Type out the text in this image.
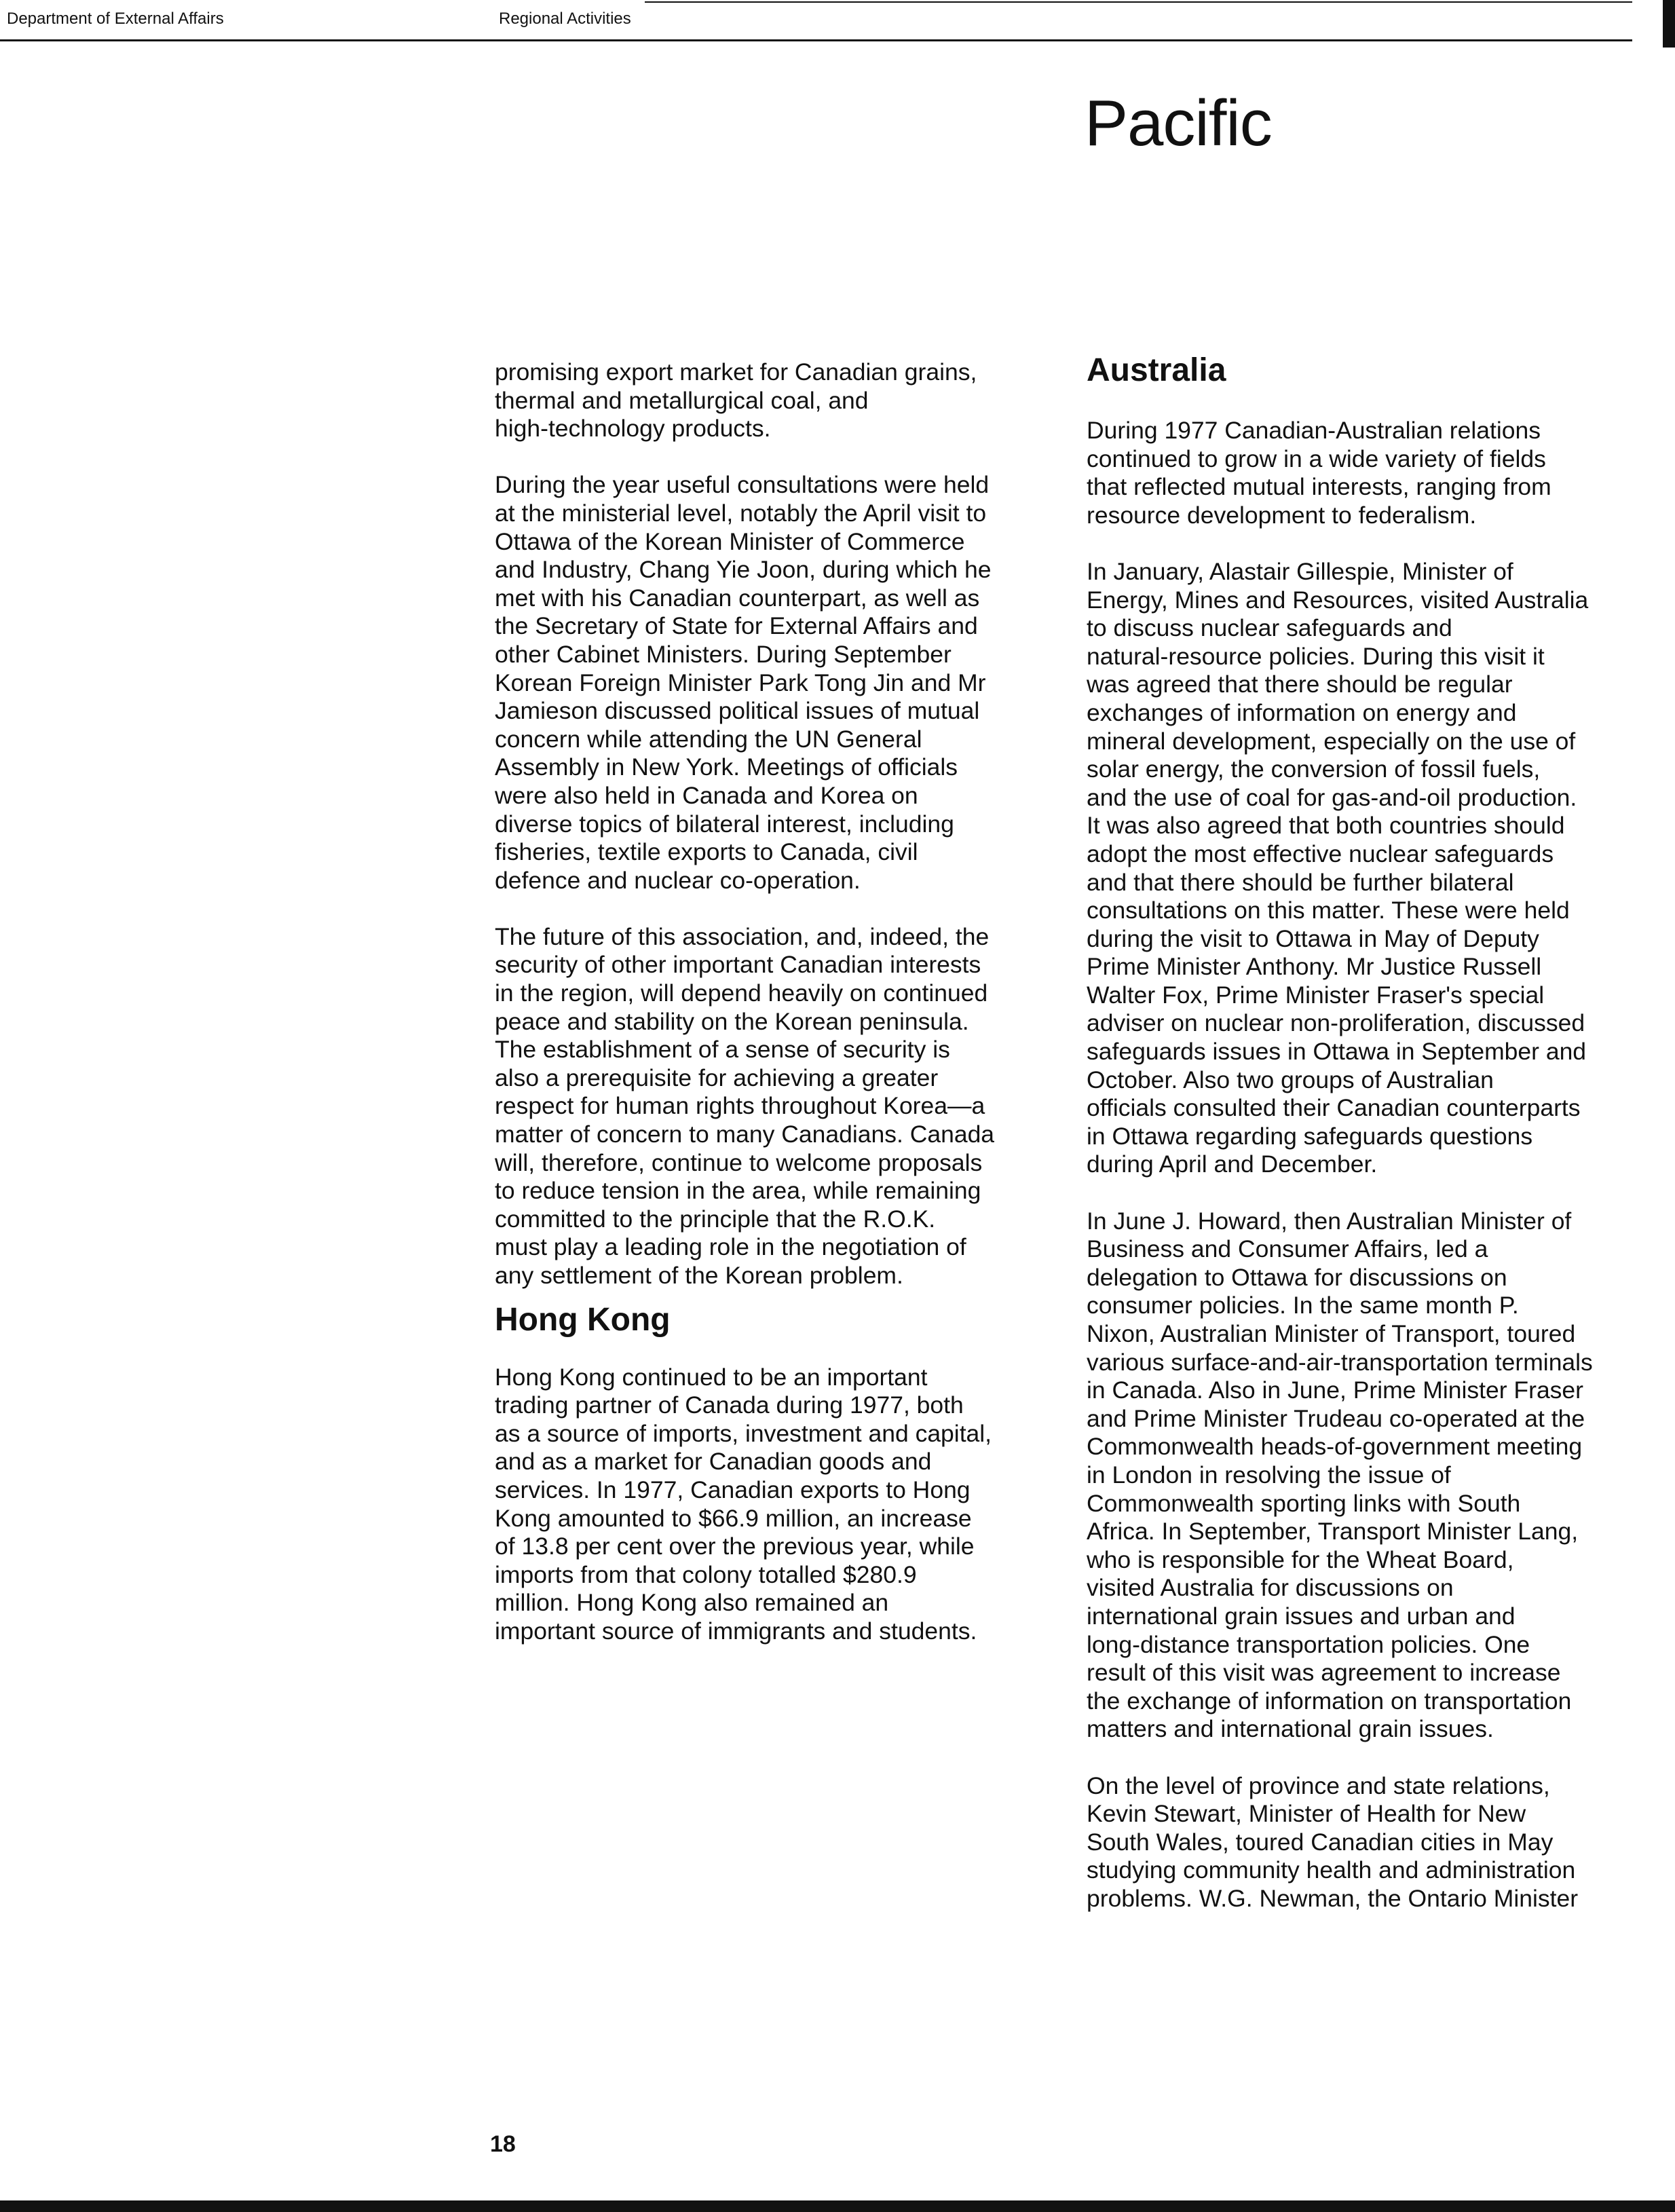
Department of External Affairs	Regional Activities
Pacific

promising export market for Canadian grains,
thermal and metallurgical coal, and
high-technology products.

During the year useful consultations were held
at the ministerial level, notably the April visit to
Ottawa of the Korean Minister of Commerce
and Industry, Chang Yie Joon, during which he
met with his Canadian counterpart, as well as
the Secretary of State for External Affairs and
other Cabinet Ministers. During September
Korean Foreign Minister Park Tong Jin and Mr
Jamieson discussed political issues of mutual
concern while attending the UN General
Assembly in New York. Meetings of officials
were also held in Canada and Korea on
diverse topics of bilateral interest, including
fisheries, textile exports to Canada, civil
defence and nuclear co-operation.

The future of this association, and, indeed, the
security of other important Canadian interests
in the region, will depend heavily on continued
peace and stability on the Korean peninsula.
The establishment of a sense of security is
also a prerequisite for achieving a greater
respect for human rights throughout Korea—a
matter of concern to many Canadians. Canada
will, therefore, continue to welcome proposals
to reduce tension in the area, while remaining
committed to the principle that the R.O.K.
must play a leading role in the negotiation of
any settlement of the Korean problem.

Hong Kong

Hong Kong continued to be an important
trading partner of Canada during 1977, both
as a source of imports, investment and capital,
and as a market for Canadian goods and
services. In 1977, Canadian exports to Hong
Kong amounted to $66.9 million, an increase
of 13.8 per cent over the previous year, while
imports from that colony totalled $280.9
million. Hong Kong also remained an
important source of immigrants and students.

Australia

During 1977 Canadian-Australian relations
continued to grow in a wide variety of fields
that reflected mutual interests, ranging from
resource development to federalism.

In January, Alastair Gillespie, Minister of
Energy, Mines and Resources, visited Australia
to discuss nuclear safeguards and
natural-resource policies. During this visit it
was agreed that there should be regular
exchanges of information on energy and
mineral development, especially on the use of
solar energy, the conversion of fossil fuels,
and the use of coal for gas-and-oil production.
It was also agreed that both countries should
adopt the most effective nuclear safeguards
and that there should be further bilateral
consultations on this matter. These were held
during the visit to Ottawa in May of Deputy
Prime Minister Anthony. Mr Justice Russell
Walter Fox, Prime Minister Fraser's special
adviser on nuclear non-proliferation, discussed
safeguards issues in Ottawa in September and
October. Also two groups of Australian
officials consulted their Canadian counterparts
in Ottawa regarding safeguards questions
during April and December.

In June J. Howard, then Australian Minister of
Business and Consumer Affairs, led a
delegation to Ottawa for discussions on
consumer policies. In the same month P.
Nixon, Australian Minister of Transport, toured
various surface-and-air-transportation terminals
in Canada. Also in June, Prime Minister Fraser
and Prime Minister Trudeau co-operated at the
Commonwealth heads-of-government meeting
in London in resolving the issue of
Commonwealth sporting links with South
Africa. In September, Transport Minister Lang,
who is responsible for the Wheat Board,
visited Australia for discussions on
international grain issues and urban and
long-distance transportation policies. One
result of this visit was agreement to increase
the exchange of information on transportation
matters and international grain issues.

On the level of province and state relations,
Kevin Stewart, Minister of Health for New
South Wales, toured Canadian cities in May
studying community health and administration
problems. W.G. Newman, the Ontario Minister

18
